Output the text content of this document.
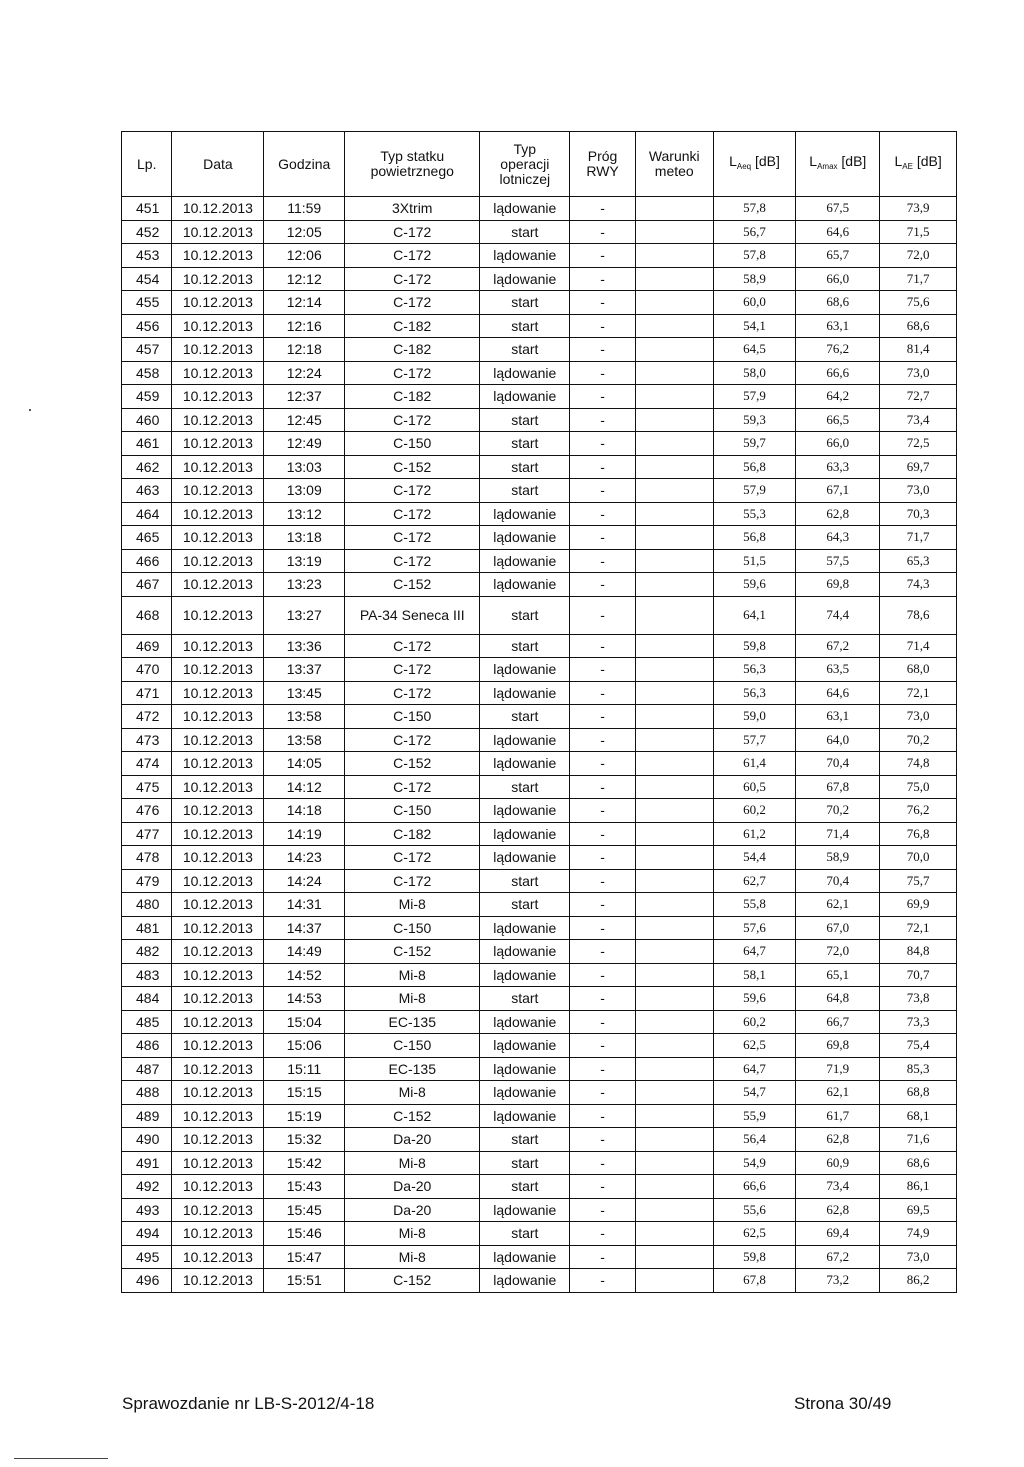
Lp.	Data	Godzina	Typ statku powietrznego	Typ operacji lotniczej	Próg RWY	Warunki meteo	$L_{Aeq}$ [dB]	$L_{Amax}$ [dB]	$L_{AE}$ [dB]
451	10.12.2013	11:59	3Xtrim	lądowanie	-		57,8	67,5	73,9
452	10.12.2013	12:05	C-172	start	-		56,7	64,6	71,5
453	10.12.2013	12:06	C-172	lądowanie	-		57,8	65,7	72,0
454	10.12.2013	12:12	C-172	lądowanie	-		58,9	66,0	71,7
455	10.12.2013	12:14	C-172	start	-		60,0	68,6	75,6
456	10.12.2013	12:16	C-182	start	-		54,1	63,1	68,6
457	10.12.2013	12:18	C-182	start	-		64,5	76,2	81,4
458	10.12.2013	12:24	C-172	lądowanie	-		58,0	66,6	73,0
459	10.12.2013	12:37	C-182	lądowanie	-		57,9	64,2	72,7
460	10.12.2013	12:45	C-172	start	-		59,3	66,5	73,4
461	10.12.2013	12:49	C-150	start	-		59,7	66,0	72,5
462	10.12.2013	13:03	C-152	start	-		56,8	63,3	69,7
463	10.12.2013	13:09	C-172	start	-		57,9	67,1	73,0
464	10.12.2013	13:12	C-172	lądowanie	-		55,3	62,8	70,3
465	10.12.2013	13:18	C-172	lądowanie	-		56,8	64,3	71,7
466	10.12.2013	13:19	C-172	lądowanie	-		51,5	57,5	65,3
467	10.12.2013	13:23	C-152	lądowanie	-		59,6	69,8	74,3
468	10.12.2013	13:27	PA-34 Seneca III	start	-		64,1	74,4	78,6
469	10.12.2013	13:36	C-172	start	-		59,8	67,2	71,4
470	10.12.2013	13:37	C-172	lądowanie	-		56,3	63,5	68,0
471	10.12.2013	13:45	C-172	lądowanie	-		56,3	64,6	72,1
472	10.12.2013	13:58	C-150	start	-		59,0	63,1	73,0
473	10.12.2013	13:58	C-172	lądowanie	-		57,7	64,0	70,2
474	10.12.2013	14:05	C-152	lądowanie	-		61,4	70,4	74,8
475	10.12.2013	14:12	C-172	start	-		60,5	67,8	75,0
476	10.12.2013	14:18	C-150	lądowanie	-		60,2	70,2	76,2
477	10.12.2013	14:19	C-182	lądowanie	-		61,2	71,4	76,8
478	10.12.2013	14:23	C-172	lądowanie	-		54,4	58,9	70,0
479	10.12.2013	14:24	C-172	start	-		62,7	70,4	75,7
480	10.12.2013	14:31	Mi-8	start	-		55,8	62,1	69,9
481	10.12.2013	14:37	C-150	lądowanie	-		57,6	67,0	72,1
482	10.12.2013	14:49	C-152	lądowanie	-		64,7	72,0	84,8
483	10.12.2013	14:52	Mi-8	lądowanie	-		58,1	65,1	70,7
484	10.12.2013	14:53	Mi-8	start	-		59,6	64,8	73,8
485	10.12.2013	15:04	EC-135	lądowanie	-		60,2	66,7	73,3
486	10.12.2013	15:06	C-150	lądowanie	-		62,5	69,8	75,4
487	10.12.2013	15:11	EC-135	lądowanie	-		64,7	71,9	85,3
488	10.12.2013	15:15	Mi-8	lądowanie	-		54,7	62,1	68,8
489	10.12.2013	15:19	C-152	lądowanie	-		55,9	61,7	68,1
490	10.12.2013	15:32	Da-20	start	-		56,4	62,8	71,6
491	10.12.2013	15:42	Mi-8	start	-		54,9	60,9	68,6
492	10.12.2013	15:43	Da-20	start	-		66,6	73,4	86,1
493	10.12.2013	15:45	Da-20	lądowanie	-		55,6	62,8	69,5
494	10.12.2013	15:46	Mi-8	start	-		62,5	69,4	74,9
495	10.12.2013	15:47	Mi-8	lądowanie	-		59,8	67,2	73,0
496	10.12.2013	15:51	C-152	lądowanie	-		67,8	73,2	86,2
Sprawozdanie nr LB-S-2012/4-18	Strona 30/49
